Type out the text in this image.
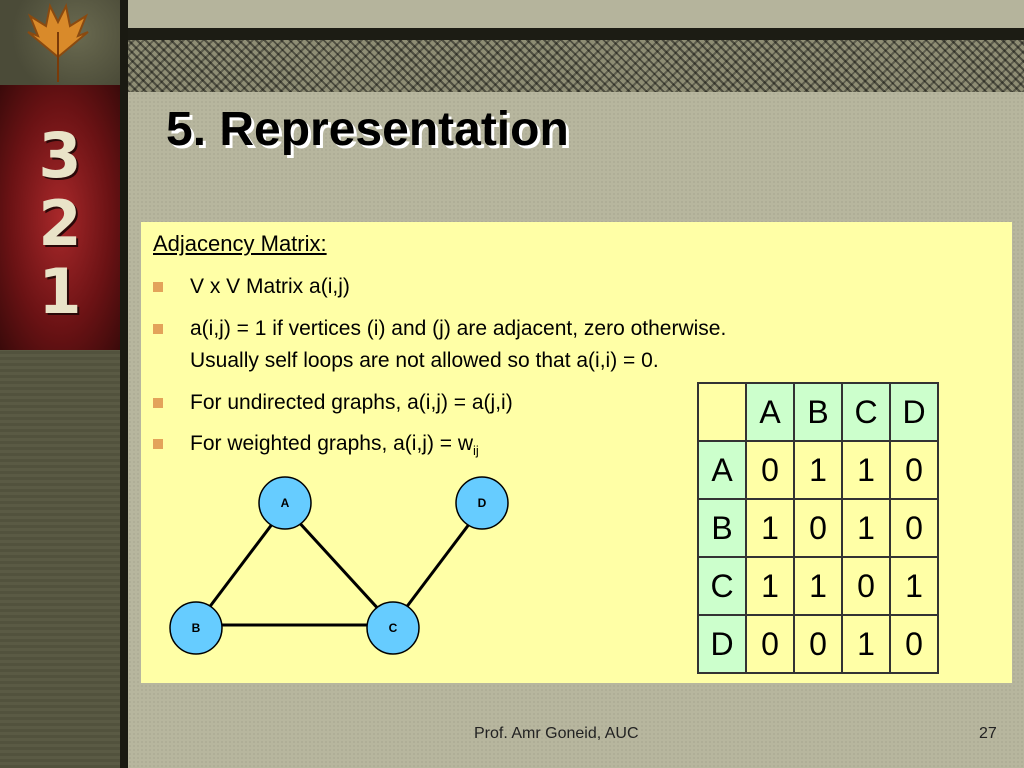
3
2
1
5. Representation

Adjacency Matrix:

V x V Matrix a(i,j)
a(i,j) = 1 if vertices (i) and (j) are adjacent, zero otherwise.
Usually self loops are not allowed so that a(i,i) = 0.
For undirected graphs, a(i,j) = a(j,i)
For weighted graphs, $a(i,j) = w_{ij}$
A	D
B	C
	A	B	C	D
A	0	1	1	0
B	1	0	1	0
C	1	1	0	1
D	0	0	1	0
Prof. Amr Goneid, AUC	27
